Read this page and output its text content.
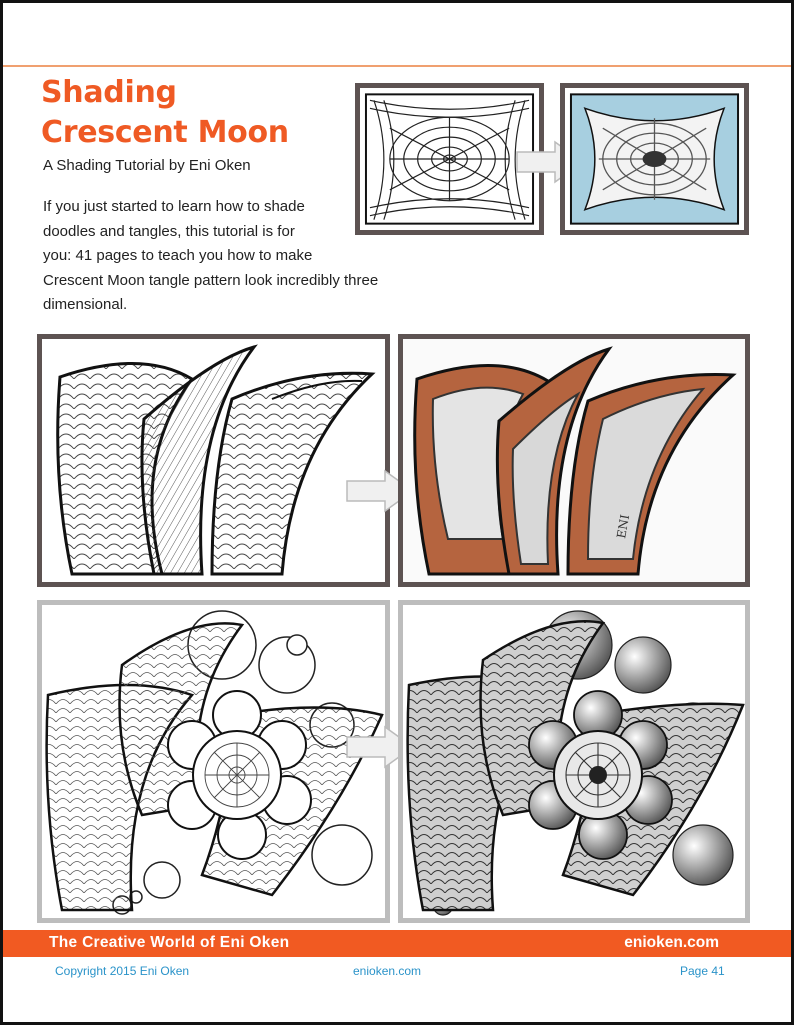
Shading
Crescent Moon
A Shading Tutorial by Eni Oken

If you just started to learn how to shade
doodles and tangles, this tutorial is for
you: 41 pages to teach you how to make
Crescent Moon tangle pattern look incredibly three
dimensional.

ENI
The Creative World of Eni Oken	enioken.com
Copyright 2015 Eni Oken	enioken.com	Page 41
